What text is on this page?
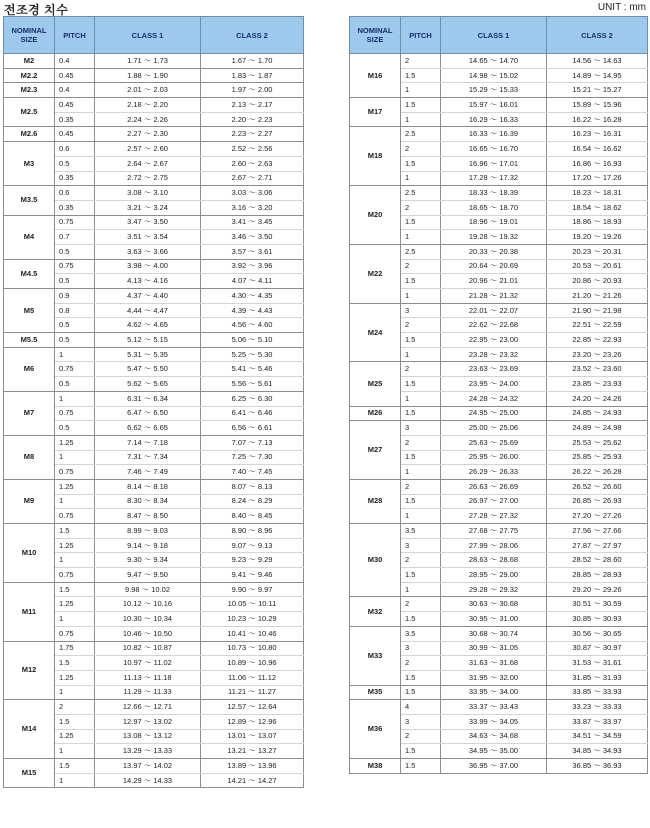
전조경 치수	UNIT : mm
NOMINAL
SIZE	PITCH	CLASS 1	CLASS 2
M2	0.4	1.71 ～ 1.73	1.67 ～ 1.70
M2.2	0.45	1.88 ～ 1.90	1.83 ～ 1.87
M2.3	0.4	2.01 ～ 2.03	1.97 ～ 2.00
M2.5	0.45	2.18 ～ 2.20	2.13 ～ 2.17
	0.35	2.24 ～ 2.26	2.20 ～ 2.23
M2.6	0.45	2.27 ～ 2.30	2.23 ～ 2.27
M3	0.6	2.57 ～ 2.60	2.52 ～ 2.56
	0.5	2.64 ～ 2.67	2.60 ～ 2.63
	0.35	2.72 ～ 2.75	2.67 ～ 2.71
M3.5	0.6	3.08 ～ 3.10	3.03 ～ 3.06
	0.35	3.21 ～ 3.24	3.16 ～ 3.20
M4	0.75	3.47 ～ 3.50	3.41 ～ 3.45
	0.7	3.51 ～ 3.54	3.46 ～ 3.50
	0.5	3.63 ～ 3.66	3.57 ～ 3.61
M4.5	0.75	3.98 ～ 4.00	3.92 ～ 3.96
	0.5	4.13 ～ 4.16	4.07 ～ 4.11
M5	0.9	4.37 ～ 4.40	4.30 ～ 4.35
	0.8	4.44 ～ 4.47	4.39 ～ 4.43
	0.5	4.62 ～ 4.65	4.56 ～ 4.60
M5.5	0.5	5.12 ～ 5.15	5.06 ～ 5.10
M6	1	5.31 ～ 5.35	5.25 ～ 5.30
	0.75	5.47 ～ 5.50	5.41 ～ 5.46
	0.5	5.62 ～ 5.65	5.56 ～ 5.61
M7	1	6.31 ～ 6.34	6.25 ～ 6.30
	0.75	6.47 ～ 6.50	6.41 ～ 6.46
	0.5	6.62 ～ 6.65	6.56 ～ 6.61
M8	1.25	7.14 ～ 7.18	7.07 ～ 7.13
	1	7.31 ～ 7.34	7.25 ～ 7.30
	0.75	7.46 ～ 7.49	7.40 ～ 7.45
M9	1.25	8.14 ～ 8.18	8.07 ～ 8.13
	1	8.30 ～ 8.34	8.24 ～ 8.29
	0.75	8.47 ～ 8.50	8.40 ～ 8.45
M10	1.5	8.99 ～ 9.03	8.90 ～ 8.96
	1.25	9.14 ～ 9.18	9.07 ～ 9.13
	1	9.30 ～ 9.34	9.23 ～ 9.29
	0.75	9.47 ～ 9.50	9.41 ～ 9.46
M11	1.5	9.98 ～ 10.02	9.90 ～ 9.97
	1.25	10.12 ～ 10.16	10.05 ～ 10.11
	1	10.30 ～ 10.34	10.23 ～ 10.29
	0.75	10.46 ～ 10.50	10.41 ～ 10.46
M12	1.75	10.82 ～ 10.87	10.73 ～ 10.80
	1.5	10.97 ～ 11.02	10.89 ～ 10.96
	1.25	11.13 ～ 11.18	11.06 ～ 11.12
	1	11.29 ～ 11.33	11.21 ～ 11.27
M14	2	12.66 ～ 12.71	12.57 ～ 12.64
	1.5	12.97 ～ 13.02	12.89 ～ 12.96
	1.25	13.08 ～ 13.12	13.01 ～ 13.07
	1	13.29 ～ 13.33	13.21 ～ 13.27
M15	1.5	13.97 ～ 14.02	13.89 ～ 13.96
	1	14.29 ～ 14.33	14.21 ～ 14.27
NOMINAL
SIZE	PITCH	CLASS 1	CLASS 2
M16	2	14.65 ～ 14.70	14.56 ～ 14.63
	1.5	14.98 ～ 15.02	14.89 ～ 14.95
	1	15.29 ～ 15.33	15.21 ～ 15.27
M17	1.5	15.97 ～ 16.01	15.89 ～ 15.96
	1	16.29 ～ 16.33	16.22 ～ 16.28
M18	2.5	16.33 ～ 16.39	16.23 ～ 16.31
	2	16.65 ～ 16.70	16.54 ～ 16.62
	1.5	16.96 ～ 17.01	16.86 ～ 16.93
	1	17.28 ～ 17.32	17.20 ～ 17.26
M20	2.5	18.33 ～ 18.39	18.23 ～ 18.31
	2	18.65 ～ 18.70	18.54 ～ 18.62
	1.5	18.96 ～ 19.01	18.86 ～ 18.93
	1	19.28 ～ 19.32	19.20 ～ 19.26
M22	2.5	20.33 ～ 20.38	20.23 ～ 20.31
	2	20.64 ～ 20.69	20.53 ～ 20.61
	1.5	20.96 ～ 21.01	20.86 ～ 20.93
	1	21.28 ～ 21.32	21.20 ～ 21.26
M24	3	22.01 ～ 22.07	21.90 ～ 21.98
	2	22.62 ～ 22.68	22.51 ～ 22.59
	1.5	22.95 ～ 23.00	22.85 ～ 22.93
	1	23.28 ～ 23.32	23.20 ～ 23.26
M25	2	23.63 ～ 23.69	23.52 ～ 23.60
	1.5	23.95 ～ 24.00	23.85 ～ 23.93
	1	24.28 ～ 24.32	24.20 ～ 24.26
M26	1.5	24.95 ～ 25.00	24.85 ～ 24.93
M27	3	25.00 ～ 25.06	24.89 ～ 24.98
	2	25.63 ～ 25.69	25.53 ～ 25.62
	1.5	25.95 ～ 26.00	25.85 ～ 25.93
	1	26.29 ～ 26.33	26.22 ～ 26.28
M28	2	26.63 ～ 26.69	26.52 ～ 26.60
	1.5	26.97 ～ 27.00	26.85 ～ 26.93
	1	27.28 ～ 27.32	27.20 ～ 27.26
M30	3.5	27.68 ～ 27.75	27.56 ～ 27.66
	3	27.99 ～ 28.06	27.87 ～ 27.97
	2	28.63 ～ 28.68	28.52 ～ 28.60
	1.5	28.95 ～ 29.00	28.85 ～ 28.93
	1	29.28 ～ 29.32	29.20 ～ 29.26
M32	2	30.63 ～ 30.68	30.51 ～ 30.59
	1.5	30.95 ～ 31.00	30.85 ～ 30.93
M33	3.5	30.68 ～ 30.74	30.56 ～ 30.65
	3	30.99 ～ 31.05	30.87 ～ 30.97
	2	31.63 ～ 31.68	31.53 ～ 31.61
	1.5	31.95 ～ 32.00	31.85 ～ 31.93
M35	1.5	33.95 ～ 34.00	33.85 ～ 33.93
M36	4	33.37 ～ 33.43	33.23 ～ 33.33
	3	33.99 ～ 34.05	33.87 ～ 33.97
	2	34.63 ～ 34.68	34.51 ～ 34.59
	1.5	34.95 ～ 35.00	34.85 ～ 34.93
M38	1.5	36.95 ～ 37.00	36.85 ～ 36.93
